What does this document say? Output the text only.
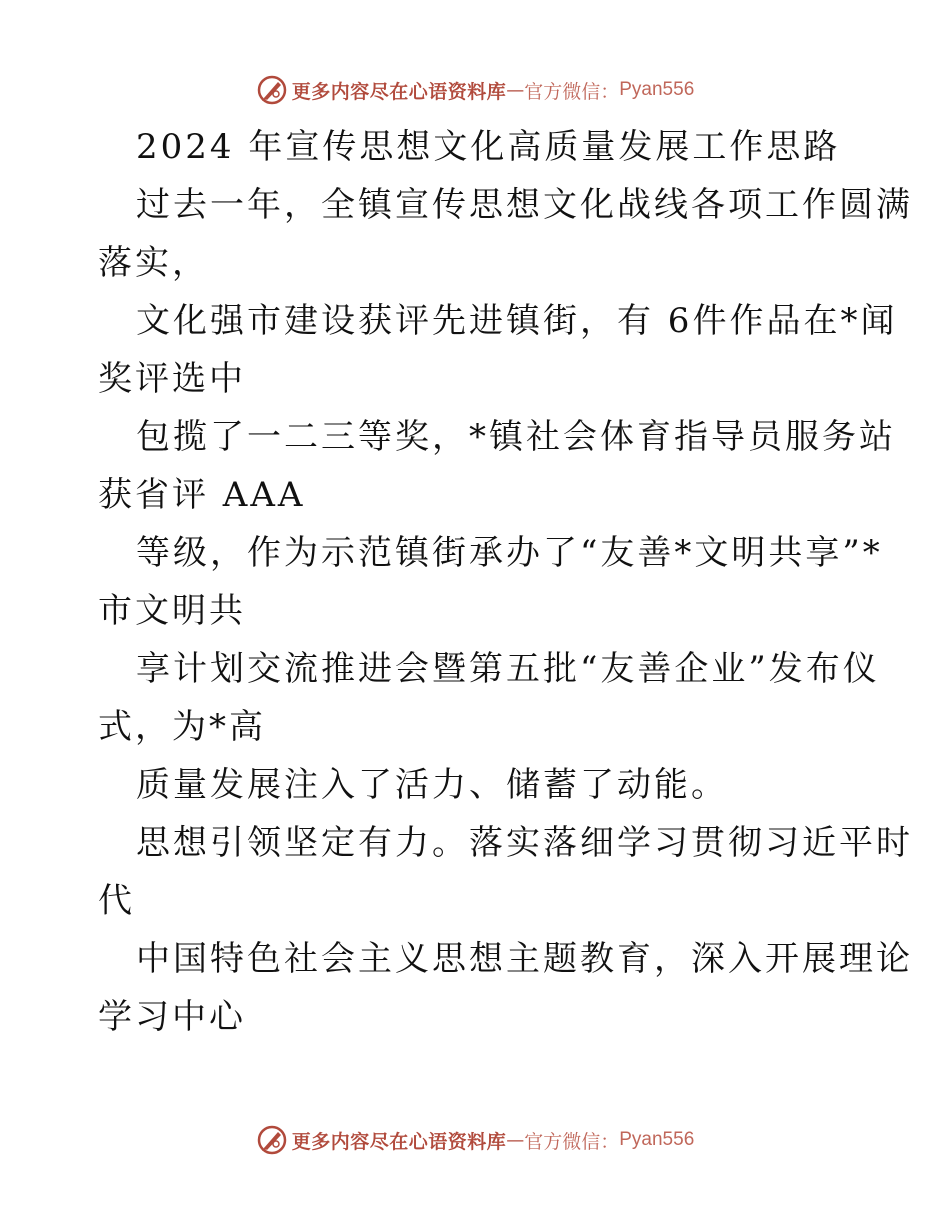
更多内容尽在心语资料库 — 官方微信： Pyan556

2024 年宣传思想文化高质量发展工作思路

过去一年，全镇宣传思想文化战线各项工作圆满

落实，

文化强市建设获评先进镇街，有 6件作品在*闻

奖评选中

包揽了一二三等奖，*镇社会体育指导员服务站

获省评 AAA

等级，作为示范镇街承办了“友善*文明共享”*

市文明共

享计划交流推进会暨第五批“友善企业”发布仪

式，为*高

质量发展注入了活力、储蓄了动能。

思想引领坚定有力。落实落细学习贯彻习近平时

代

中国特色社会主义思想主题教育，深入开展理论

学习中心

更多内容尽在心语资料库 — 官方微信： Pyan556
